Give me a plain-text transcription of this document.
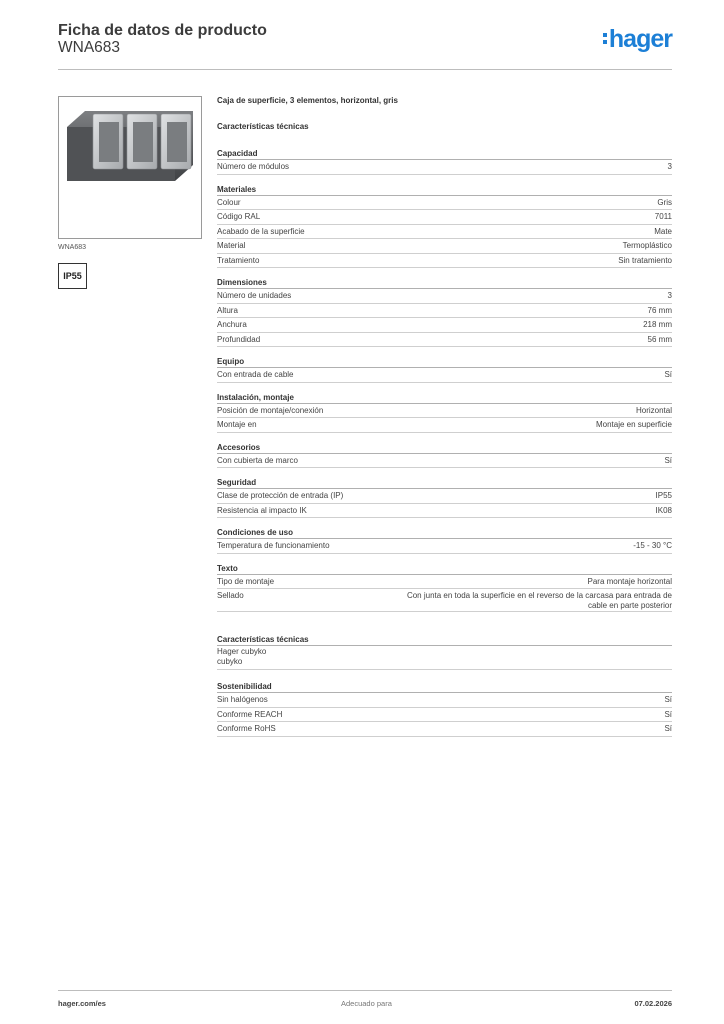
Ficha de datos de producto
WNA683	hager
WNA683
IP55
Caja de superficie, 3 elementos, horizontal, gris
Características técnicas
Capacidad
Número de módulos	3
Materiales
Colour	Gris
Código RAL	7011
Acabado de la superficie	Mate
Material	Termoplástico
Tratamiento	Sin tratamiento
Dimensiones
Número de unidades	3
Altura	76 mm
Anchura	218 mm
Profundidad	56 mm
Equipo
Con entrada de cable	Sí
Instalación, montaje
Posición de montaje/conexión	Horizontal
Montaje en	Montaje en superficie
Accesorios
Con cubierta de marco	Sí
Seguridad
Clase de protección de entrada (IP)	IP55
Resistencia al impacto IK	IK08
Condiciones de uso
Temperatura de funcionamiento	-15 - 30 °C
Texto
Tipo de montaje	Para montaje horizontal
Sellado	Con junta en toda la superficie en el reverso de la carcasa para entrada de cable en parte posterior
Características técnicas
Hager cubyko
cubyko
Sostenibilidad
Sin halógenos	Sí
Conforme REACH	Sí
Conforme RoHS	Sí
hager.com/es	Adecuado para	07.02.2026
